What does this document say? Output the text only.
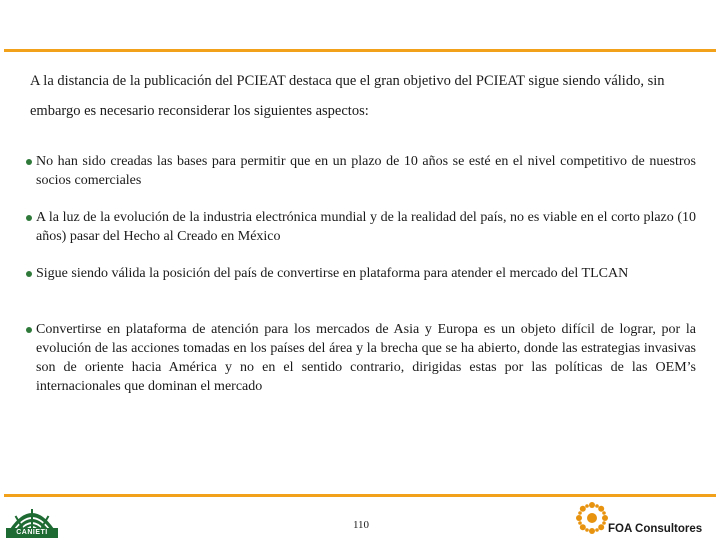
A la distancia de la publicación del PCIEAT destaca que el gran objetivo del PCIEAT sigue siendo válido, sin embargo es necesario reconsiderar los siguientes aspectos:
No han sido creadas las bases para permitir que en un plazo de 10 años se esté en el nivel competitivo de nuestros socios comerciales
A la luz de la evolución de la industria electrónica mundial y de la realidad del país, no es viable en el corto plazo (10 años) pasar del Hecho al Creado en México
Sigue siendo válida la posición del país de convertirse en plataforma para atender el mercado del TLCAN
Convertirse en plataforma de atención para los mercados de Asia y Europa es un objeto difícil de lograr, por la evolución de las acciones tomadas en los países del área y la brecha que se ha abierto, donde las estrategias invasivas son de oriente hacia América y no en el sentido contrario, dirigidas estas por las políticas de las OEM’s internacionales que dominan el mercado
CANIETI
110	FOA Consultores
